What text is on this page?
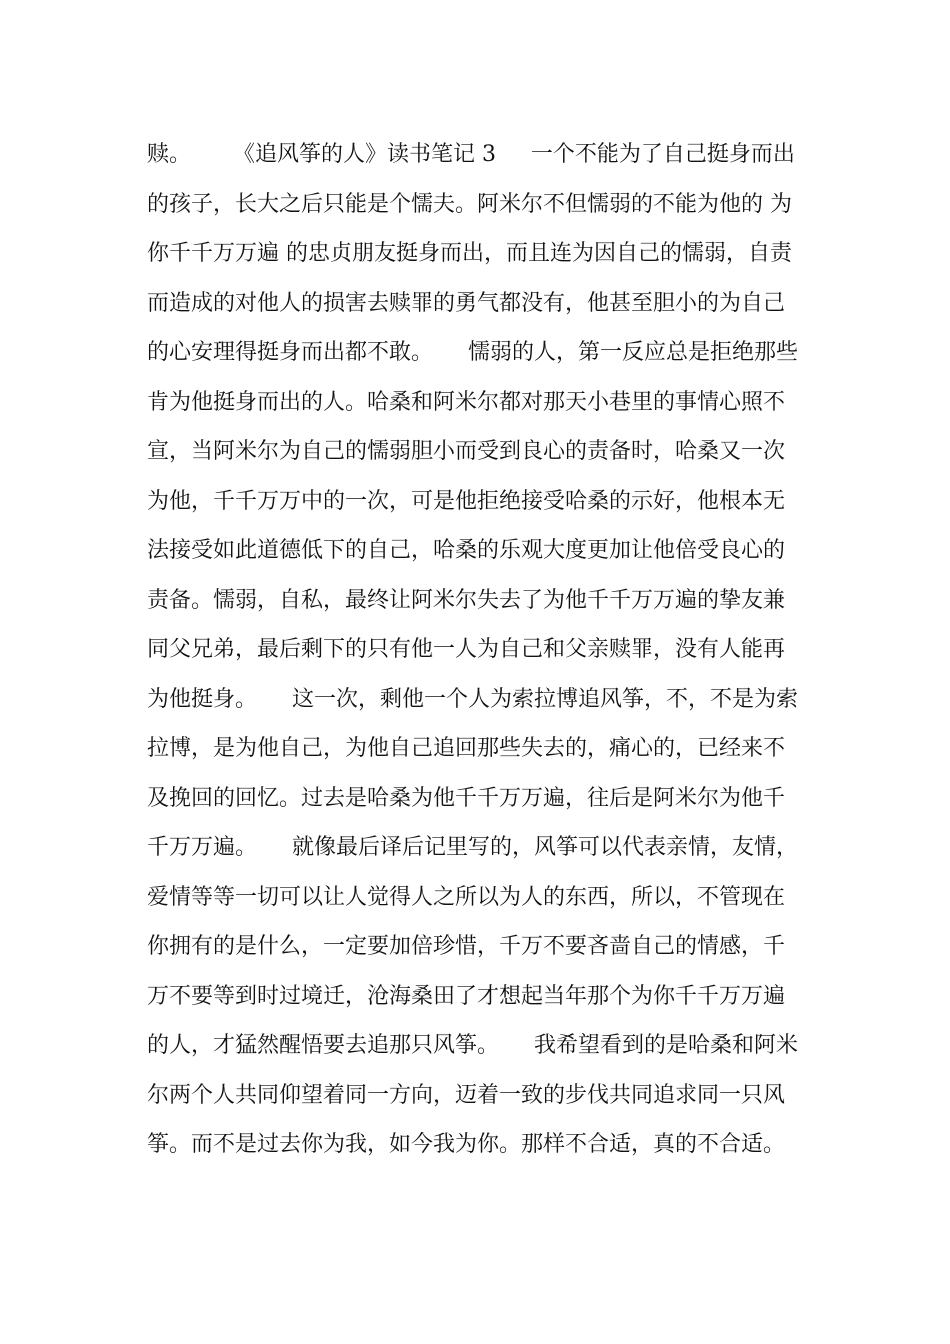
赎。      《追风筝的人》读书笔记 3     一个不能为了自己挺身而出
的孩子，长大之后只能是个懦夫。阿米尔不但懦弱的不能为他的 为
你千千万万遍 的忠贞朋友挺身而出，而且连为因自己的懦弱，自责
而造成的对他人的损害去赎罪的勇气都没有，他甚至胆小的为自己
的心安理得挺身而出都不敢。     懦弱的人，第一反应总是拒绝那些
肯为他挺身而出的人。哈桑和阿米尔都对那天小巷里的事情心照不
宣，当阿米尔为自己的懦弱胆小而受到良心的责备时，哈桑又一次
为他，千千万万中的一次，可是他拒绝接受哈桑的示好，他根本无
法接受如此道德低下的自己，哈桑的乐观大度更加让他倍受良心的
责备。懦弱，自私，最终让阿米尔失去了为他千千万万遍的挚友兼
同父兄弟，最后剩下的只有他一人为自己和父亲赎罪，没有人能再
为他挺身。     这一次，剩他一个人为索拉博追风筝，不，不是为索
拉博，是为他自己，为他自己追回那些失去的，痛心的，已经来不
及挽回的回忆。过去是哈桑为他千千万万遍，往后是阿米尔为他千
千万万遍。     就像最后译后记里写的，风筝可以代表亲情，友情，
爱情等等一切可以让人觉得人之所以为人的东西，所以，不管现在
你拥有的是什么，一定要加倍珍惜，千万不要吝啬自己的情感，千
万不要等到时过境迁，沧海桑田了才想起当年那个为你千千万万遍
的人，才猛然醒悟要去追那只风筝。     我希望看到的是哈桑和阿米
尔两个人共同仰望着同一方向，迈着一致的步伐共同追求同一只风
筝。而不是过去你为我，如今我为你。那样不合适，真的不合适。
